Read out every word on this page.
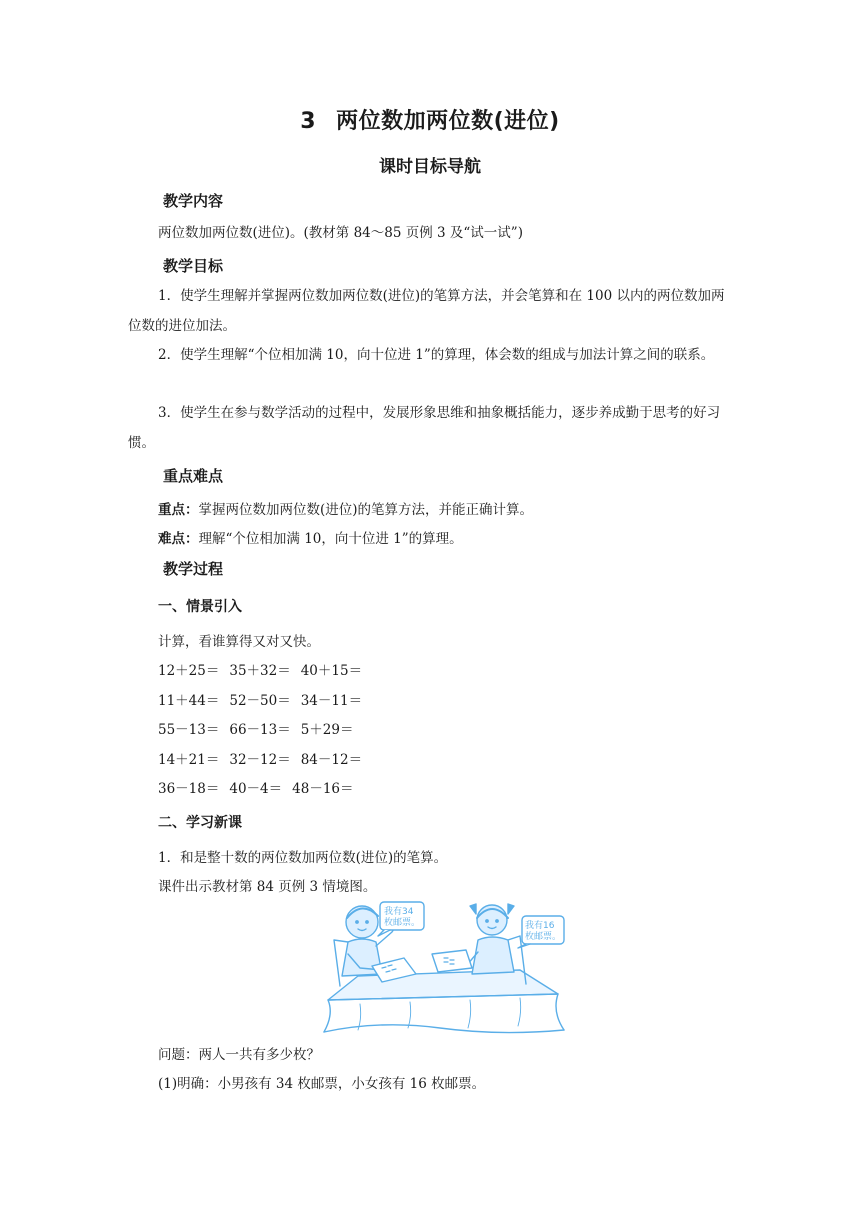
3 两位数加两位数(进位)
课时目标导航
教学内容
两位数加两位数(进位)。(教材第 84～85 页例 3 及“试一试”)
教学目标
1．使学生理解并掌握两位数加两位数(进位)的笔算方法，并会笔算和在 100 以内的两位数加两位数的进位加法。
2．使学生理解“个位相加满 10，向十位进 1”的算理，体会数的组成与加法计算之间的联系。
3．使学生在参与数学活动的过程中，发展形象思维和抽象概括能力，逐步养成勤于思考的好习惯。
重点难点
重点：掌握两位数加两位数(进位)的笔算方法，并能正确计算。
难点：理解“个位相加满 10，向十位进 1”的算理。
教学过程
一、情景引入
计算，看谁算得又对又快。
12＋25＝ 35＋32＝ 40＋15＝
11＋44＝ 52－50＝ 34－11＝
55－13＝ 66－13＝ 5＋29＝
14＋21＝ 32－12＝ 84－12＝
36－18＝ 40－4＝ 48－16＝
二、学习新课
1．和是整十数的两位数加两位数(进位)的笔算。
课件出示教材第 84 页例 3 情境图。
我有34
枚邮票。	我有16
枚邮票。
问题：两人一共有多少枚？
(1)明确：小男孩有 34 枚邮票，小女孩有 16 枚邮票。
